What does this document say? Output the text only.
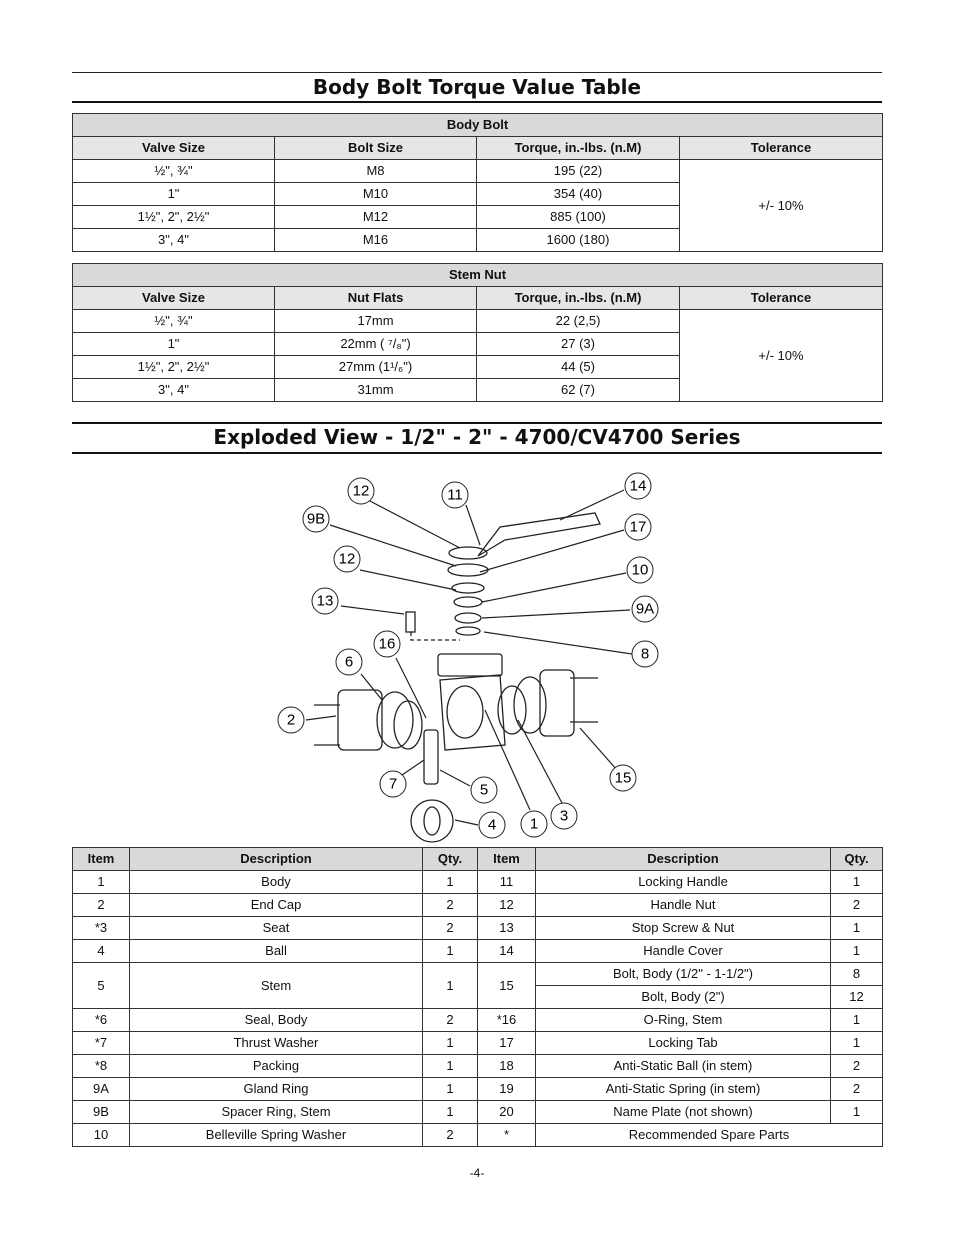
Body Bolt Torque Value Table
Body Bolt			
Valve Size	Bolt Size	Torque, in.-lbs. (n.M)	Tolerance
½", ¾"	M8	195 (22)	+/- 10%
1"	M10	354 (40)	
1½", 2", 2½"	M12	885 (100)	
3", 4"	M16	1600 (180)	
Stem Nut			
Valve Size	Nut Flats	Torque, in.-lbs. (n.M)	Tolerance
½", ¾"	17mm	22 (2,5)	+/- 10%
1"	22mm ( ⁷/₈")	27 (3)	
1½", 2", 2½"	27mm (1¹/₆")	44 (5)	
3", 4"	31mm	62 (7)	
Exploded View - 1/2" - 2" - 4700/CV4700 Series
12	11
14
9B	17
12
10
13	9A
16
8
6
2
15
7	5
3
4 1
Item	Description	Qty.	Item	Description	Qty.
1	Body	1	11	Locking Handle	1
2	End Cap	2	12	Handle Nut	2
*3	Seat	2	13	Stop Screw & Nut	1
4	Ball	1	14	Handle Cover	1
5	Stem	1	15	Bolt, Body (1/2" - 1-1/2")	8
				Bolt, Body (2")	12
*6	Seal, Body	2	*16	O-Ring, Stem	1
*7	Thrust Washer	1	17	Locking Tab	1
*8	Packing	1	18	Anti-Static Ball (in stem)	2
9A	Gland Ring	1	19	Anti-Static Spring (in stem)	2
9B	Spacer Ring, Stem	1	20	Name Plate (not shown)	1
10	Belleville Spring Washer	2	*	Recommended Spare Parts	
-4-
